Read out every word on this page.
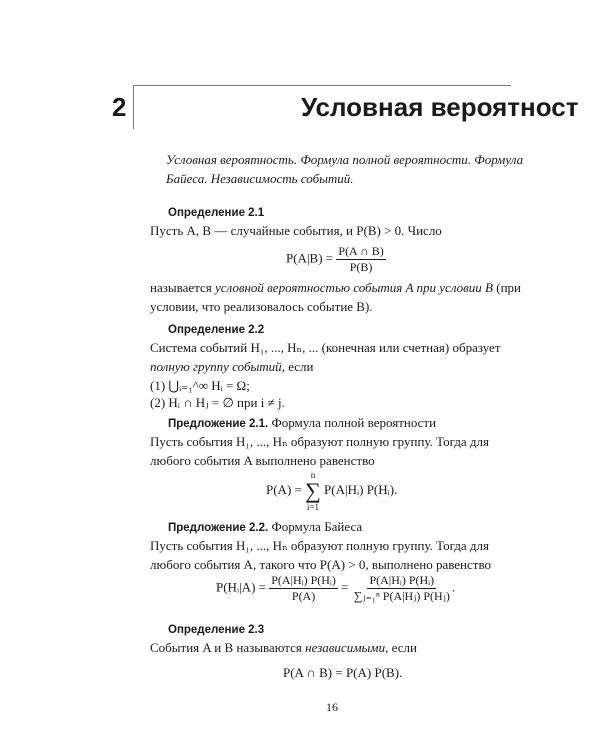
2	Условная вероятност
Условная вероятность. Формула полной вероятности. Формула Байеса. Независимость событий.
Определение 2.1
Пусть A, B — случайные события, и P(B) > 0. Число
$P(A|B) = \frac{P(A \cap B)}{P(B)}$
называется условной вероятностью события A при условии B (при условии, что реализовалось событие B).
Определение 2.2
Система событий H₁, ..., Hₙ, ... (конечная или счетная) образует полную группу событий, если
(1) ⋃ᵢ₌₁^∞ Hᵢ = Ω;
(2) Hᵢ ∩ Hⱼ = ∅ при i ≠ j.
Предложение 2.1. Формула полной вероятности
Пусть события H₁, ..., Hₙ образуют полную группу. Тогда для любого события A выполнено равенство
P(A) =
n
∑
i=1
P(A|Hᵢ) P(Hᵢ).
Предложение 2.2. Формула Байеса
Пусть события H₁, ..., Hₙ образуют полную группу. Тогда для любого события A, такого что P(A) > 0, выполнено равенство
P(Hᵢ|A) = $\frac{\text{P(A|Hᵢ) P(Hᵢ)}}{P(A)} = \frac{\text{P(A|Hᵢ) P(Hᵢ)}}{\text{∑ⱼ₌₁ⁿ P(A|Hⱼ) P(Hⱼ)}}$ .
Определение 2.3
События A и B называются независимыми, если
P(A ∩ B) = P(A) P(B).
16
